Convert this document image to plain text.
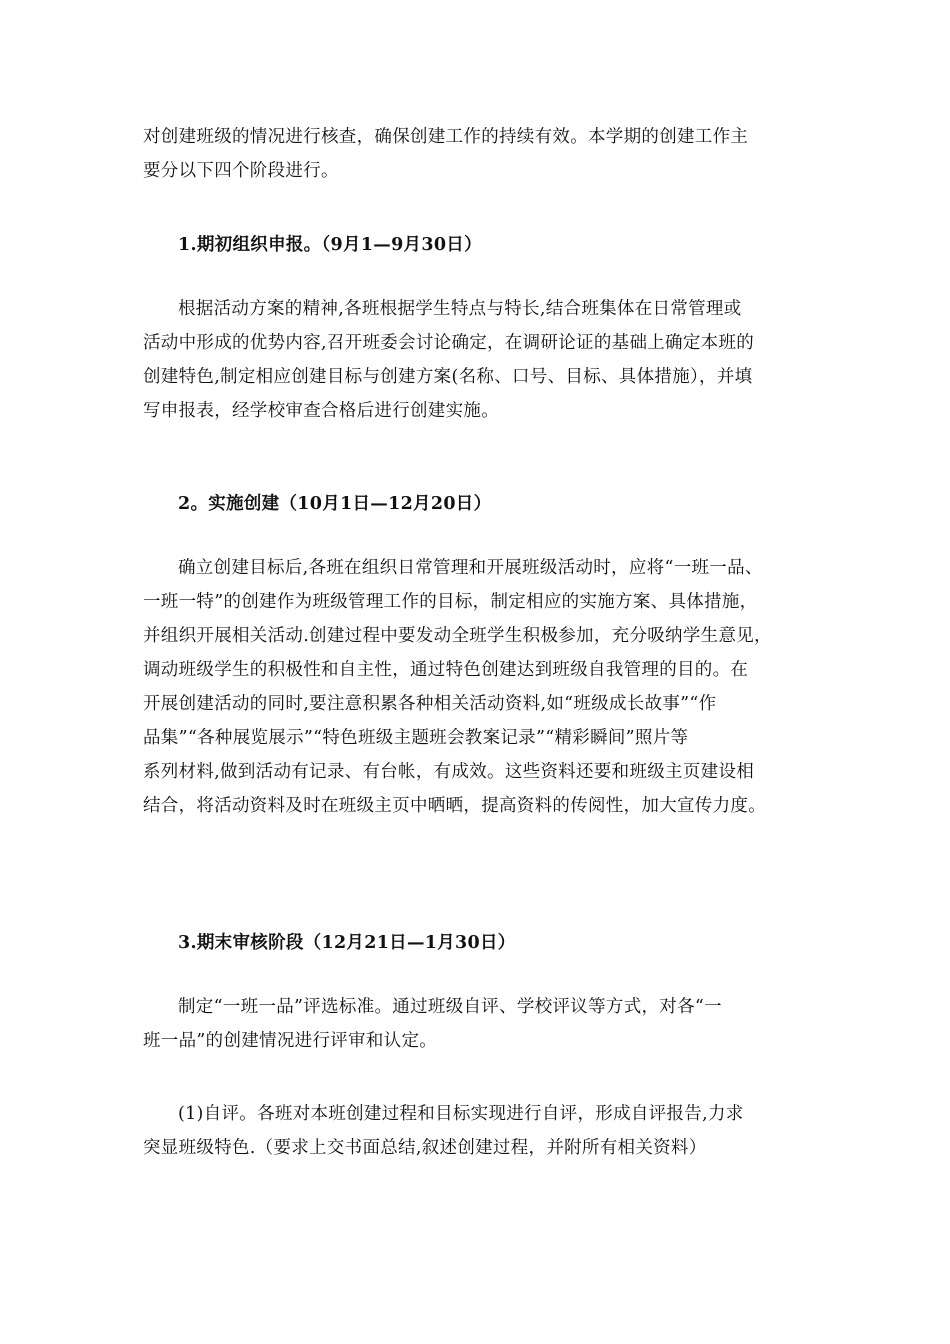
对创建班级的情况进行核查，确保创建工作的持续有效。本学期的创建工作主
要分以下四个阶段进行。
1.期初组织申报。（9月1—9月30日）
根据活动方案的精神,各班根据学生特点与特长,结合班集体在日常管理或
活动中形成的优势内容,召开班委会讨论确定，在调研论证的基础上确定本班的
创建特色,制定相应创建目标与创建方案(名称、口号、目标、具体措施），并填
写申报表，经学校审查合格后进行创建实施。
2。实施创建（10月1日—12月20日）
确立创建目标后,各班在组织日常管理和开展班级活动时，应将“一班一品、
一班一特”的创建作为班级管理工作的目标，制定相应的实施方案、具体措施，
并组织开展相关活动.创建过程中要发动全班学生积极参加，充分吸纳学生意见，
调动班级学生的积极性和自主性，通过特色创建达到班级自我管理的目的。在
开展创建活动的同时,要注意积累各种相关活动资料,如“班级成长故事”“作
品集”“各种展览展示”“特色班级主题班会教案记录”“精彩瞬间”照片等
系列材料,做到活动有记录、有台帐，有成效。这些资料还要和班级主页建设相
结合，将活动资料及时在班级主页中晒晒，提高资料的传阅性，加大宣传力度。
3.期末审核阶段（12月21日—1月30日）
制定“一班一品”评选标准。通过班级自评、学校评议等方式，对各“一
班一品”的创建情况进行评审和认定。
(1)自评。各班对本班创建过程和目标实现进行自评，形成自评报告,力求
突显班级特色.（要求上交书面总结,叙述创建过程，并附所有相关资料）
